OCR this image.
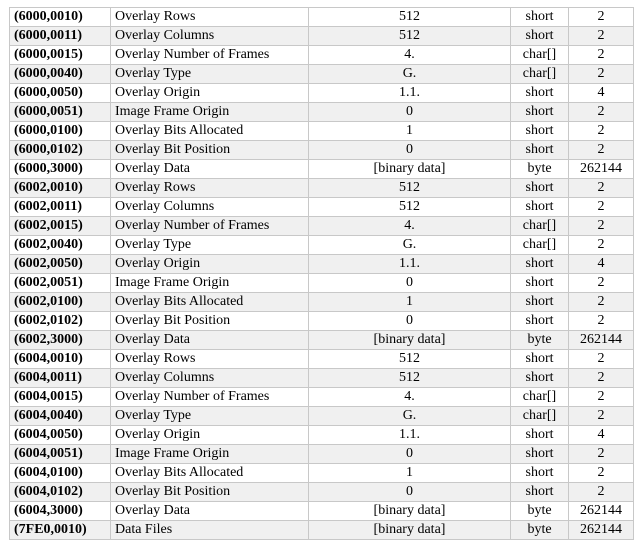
(6000,0010)	Overlay Rows	512	short	2
(6000,0011)	Overlay Columns	512	short	2
(6000,0015)	Overlay Number of Frames	4.	char[]	2
(6000,0040)	Overlay Type	G.	char[]	2
(6000,0050)	Overlay Origin	1.1.	short	4
(6000,0051)	Image Frame Origin	0	short	2
(6000,0100)	Overlay Bits Allocated	1	short	2
(6000,0102)	Overlay Bit Position	0	short	2
(6000,3000)	Overlay Data	[binary data]	byte	262144
(6002,0010)	Overlay Rows	512	short	2
(6002,0011)	Overlay Columns	512	short	2
(6002,0015)	Overlay Number of Frames	4.	char[]	2
(6002,0040)	Overlay Type	G.	char[]	2
(6002,0050)	Overlay Origin	1.1.	short	4
(6002,0051)	Image Frame Origin	0	short	2
(6002,0100)	Overlay Bits Allocated	1	short	2
(6002,0102)	Overlay Bit Position	0	short	2
(6002,3000)	Overlay Data	[binary data]	byte	262144
(6004,0010)	Overlay Rows	512	short	2
(6004,0011)	Overlay Columns	512	short	2
(6004,0015)	Overlay Number of Frames	4.	char[]	2
(6004,0040)	Overlay Type	G.	char[]	2
(6004,0050)	Overlay Origin	1.1.	short	4
(6004,0051)	Image Frame Origin	0	short	2
(6004,0100)	Overlay Bits Allocated	1	short	2
(6004,0102)	Overlay Bit Position	0	short	2
(6004,3000)	Overlay Data	[binary data]	byte	262144
(7FE0,0010)	Data Files	[binary data]	byte	262144
